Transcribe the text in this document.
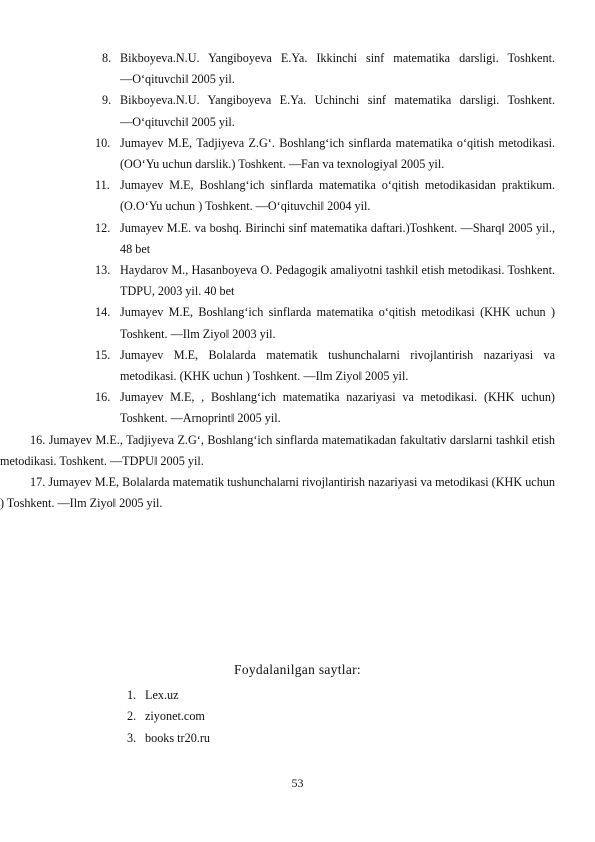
8. Bikboyeva.N.U. Yangiboyeva E.Ya. Ikkinchi sinf matematika darsligi. Toshkent. ―O‘qituvchi‖ 2005 yil.
9. Bikboyeva.N.U. Yangiboyeva E.Ya. Uchinchi sinf matematika darsligi. Toshkent. ―O‘qituvchi‖ 2005 yil.
10. Jumayev M.E, Tadjiyeva Z.G‘. Boshlang‘ich sinflarda matematika o‘qitish metodikasi. (OO‘Yu uchun darslik.) Toshkent. ―Fan va texnologiya‖ 2005 yil.
11. Jumayev M.E, Boshlang‘ich sinflarda matematika o‘qitish metodikasidan praktikum. (O.O‘Yu uchun ) Toshkent. ―O‘qituvchi‖ 2004 yil.
12. Jumayev M.E. va boshq. Birinchi sinf matematika daftari.)Toshkent. ―Sharq‖ 2005 yil., 48 bet
13. Haydarov M., Hasanboyeva O. Pedagogik amaliyotni tashkil etish metodikasi. Toshkent. TDPU, 2003 yil. 40 bet
14. Jumayev M.E, Boshlang‘ich sinflarda matematika o‘qitish metodikasi (KHK uchun ) Toshkent. ―Ilm Ziyo‖ 2003 yil.
15. Jumayev M.E, Bolalarda matematik tushunchalarni rivojlantirish nazariyasi va metodikasi. (KHK uchun ) Toshkent. ―Ilm Ziyo‖ 2005 yil.
16. Jumayev M.E, , Boshlang‘ich matematika nazariyasi va metodikasi. (KHK uchun) Toshkent. ―Arnoprint‖ 2005 yil.

16. Jumayev M.E., Tadjiyeva Z.G‘, Boshlang‘ich sinflarda matematikadan fakultativ darslarni tashkil etish metodikasi. Toshkent. ―TDPU‖ 2005 yil.

17. Jumayev M.E, Bolalarda matematik tushunchalarni rivojlantirish nazariyasi va metodikasi (KHK uchun ) Toshkent. ―Ilm Ziyo‖ 2005 yil.

Foydalanilgan saytlar:
1. Lex.uz
2. ziyonet.com
3. books tr20.ru
53
